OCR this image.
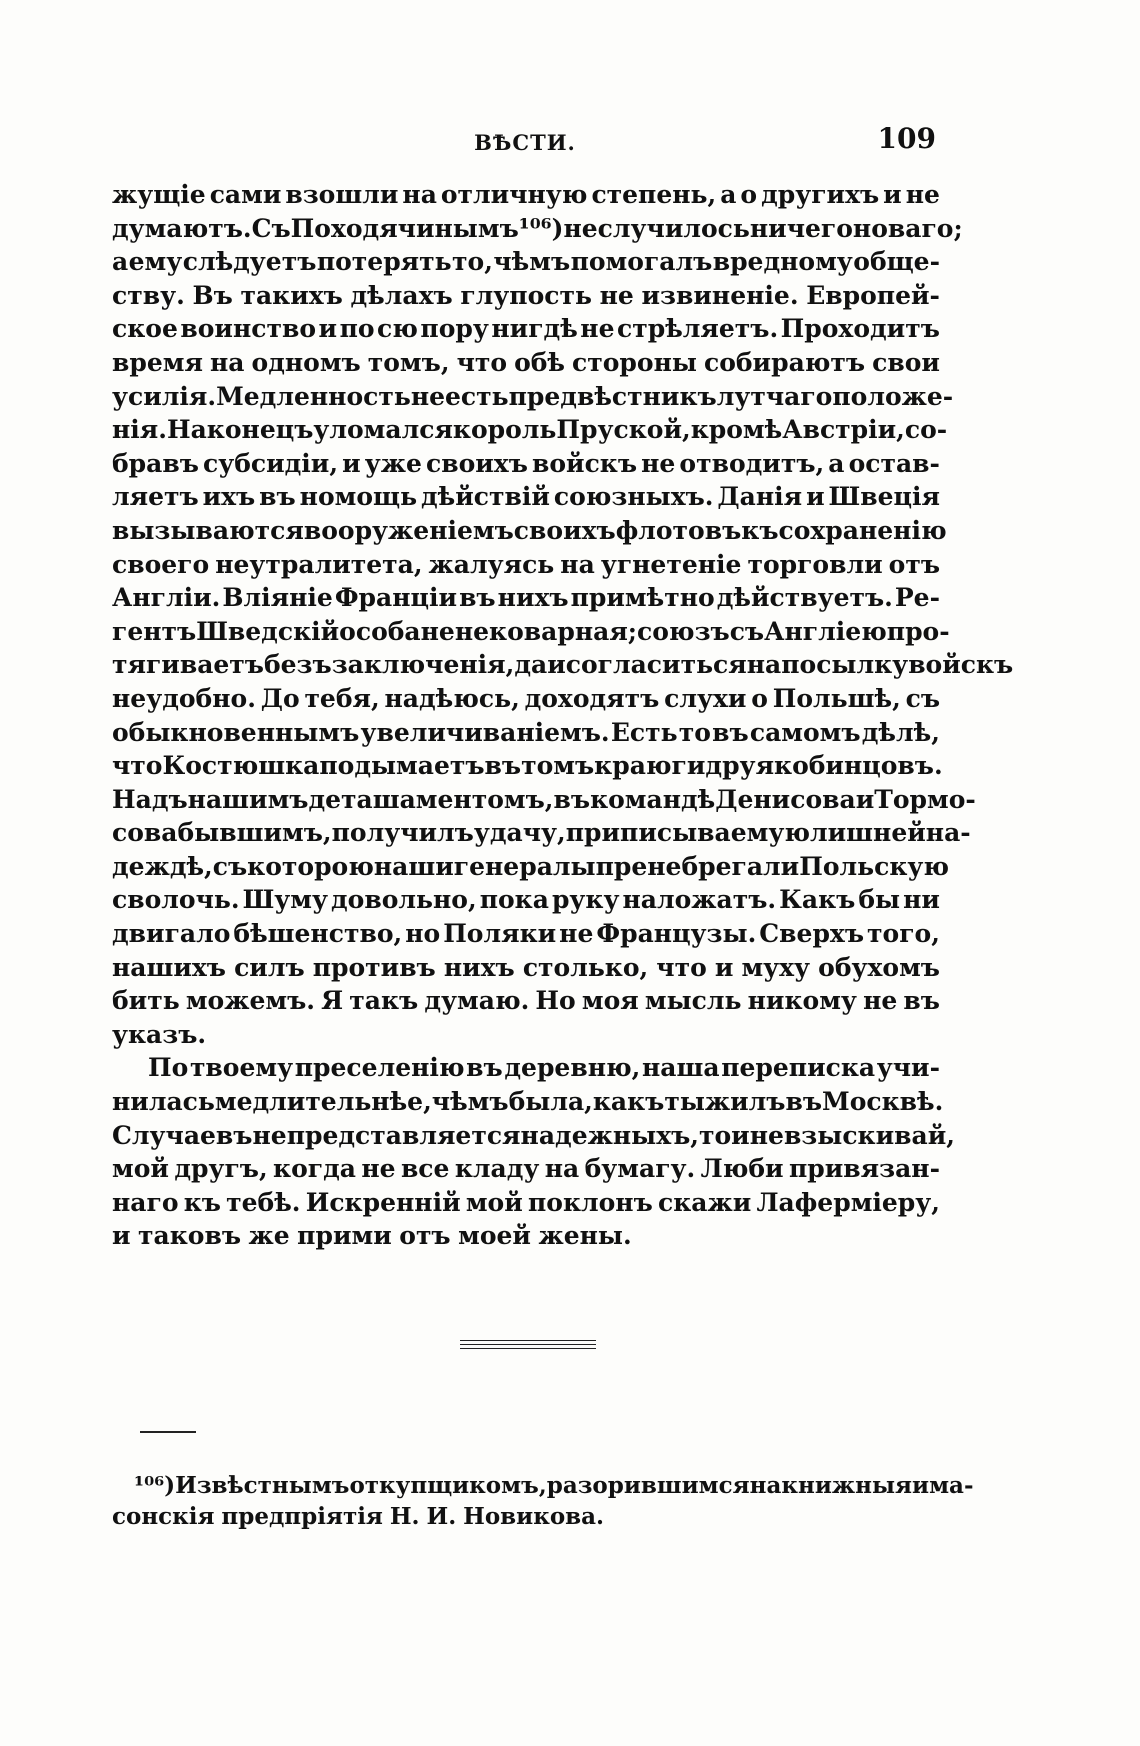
ВѢСТИ.	109
жущіе сами взошли на отличную степень, а о другихъ и не
думаютъ. Съ Походячинымъ ¹⁰⁶) не случилось ничего новаго;
а ему слѣдуетъ потерять то, чѣмъ помогалъ вредному обще-
ству. Въ такихъ дѣлахъ глупость не извиненіе. Европей-
ское воинство и по сю пору нигдѣ не стрѣляетъ. Проходитъ
время на одномъ томъ, что обѣ стороны собираютъ свои
усилія. Медленность не есть предвѣстникъ лутчаго положе-
нія. Наконецъ уломался король Пруской, кромѣ Австріи, со-
бравъ субсидіи, и уже своихъ войскъ не отводитъ, а остав-
ляетъ ихъ въ номощь дѣйствій союзныхъ. Данія и Швеція
вызываются вооруженіемъ своихъ флотовъ къ сохраненію
своего неутралитета, жалуясь на угнетеніе торговли отъ
Англіи. Вліяніе Франціи въ нихъ примѣтно дѣйствуетъ. Ре-
гентъ Шведскій особа не нековарная; союзъ съ Англіею про-
тягиваетъ безъ заключенія, да и согласиться на посылку войскъ
неудобно. До тебя, надѣюсь, доходятъ слухи о Польшѣ, съ
обыкновеннымъ увеличиваніемъ. Есть то въ самомъ дѣлѣ,
что Костюшка подымаетъ въ томъ краю гидру якобинцовъ.
Надъ нашимъ деташаментомъ, въ командѣ Денисова и Тормо-
сова бывшимъ, получилъ удачу, приписываемую лишней на-
деждѣ, съ которою наши генералы пренебрегали Польскую
сволочь. Шуму довольно, пока руку наложатъ. Какъ бы ни
двигало бѣшенство, но Поляки не Французы. Сверхъ того,
нашихъ силъ противъ нихъ столько, что и муху обухомъ
бить можемъ. Я такъ думаю. Но моя мысль никому не въ
указъ.
По твоему преселенію въ деревню, наша переписка учи-
нилась медлительнѣе, чѣмъ была, какъ ты жилъ въ Москвѣ.
Случаевъ не представляется надежныхъ, то и не взыскивай,
мой другъ, когда не все кладу на бумагу. Люби привязан-
наго къ тебѣ. Искренній мой поклонъ скажи Лаферміеру,
и таковъ же прими отъ моей жены.
¹⁰⁶) Извѣстнымъ откупщикомъ, разорившимся на книжныя и ма-
сонскія предпріятія Н. И. Новикова.
